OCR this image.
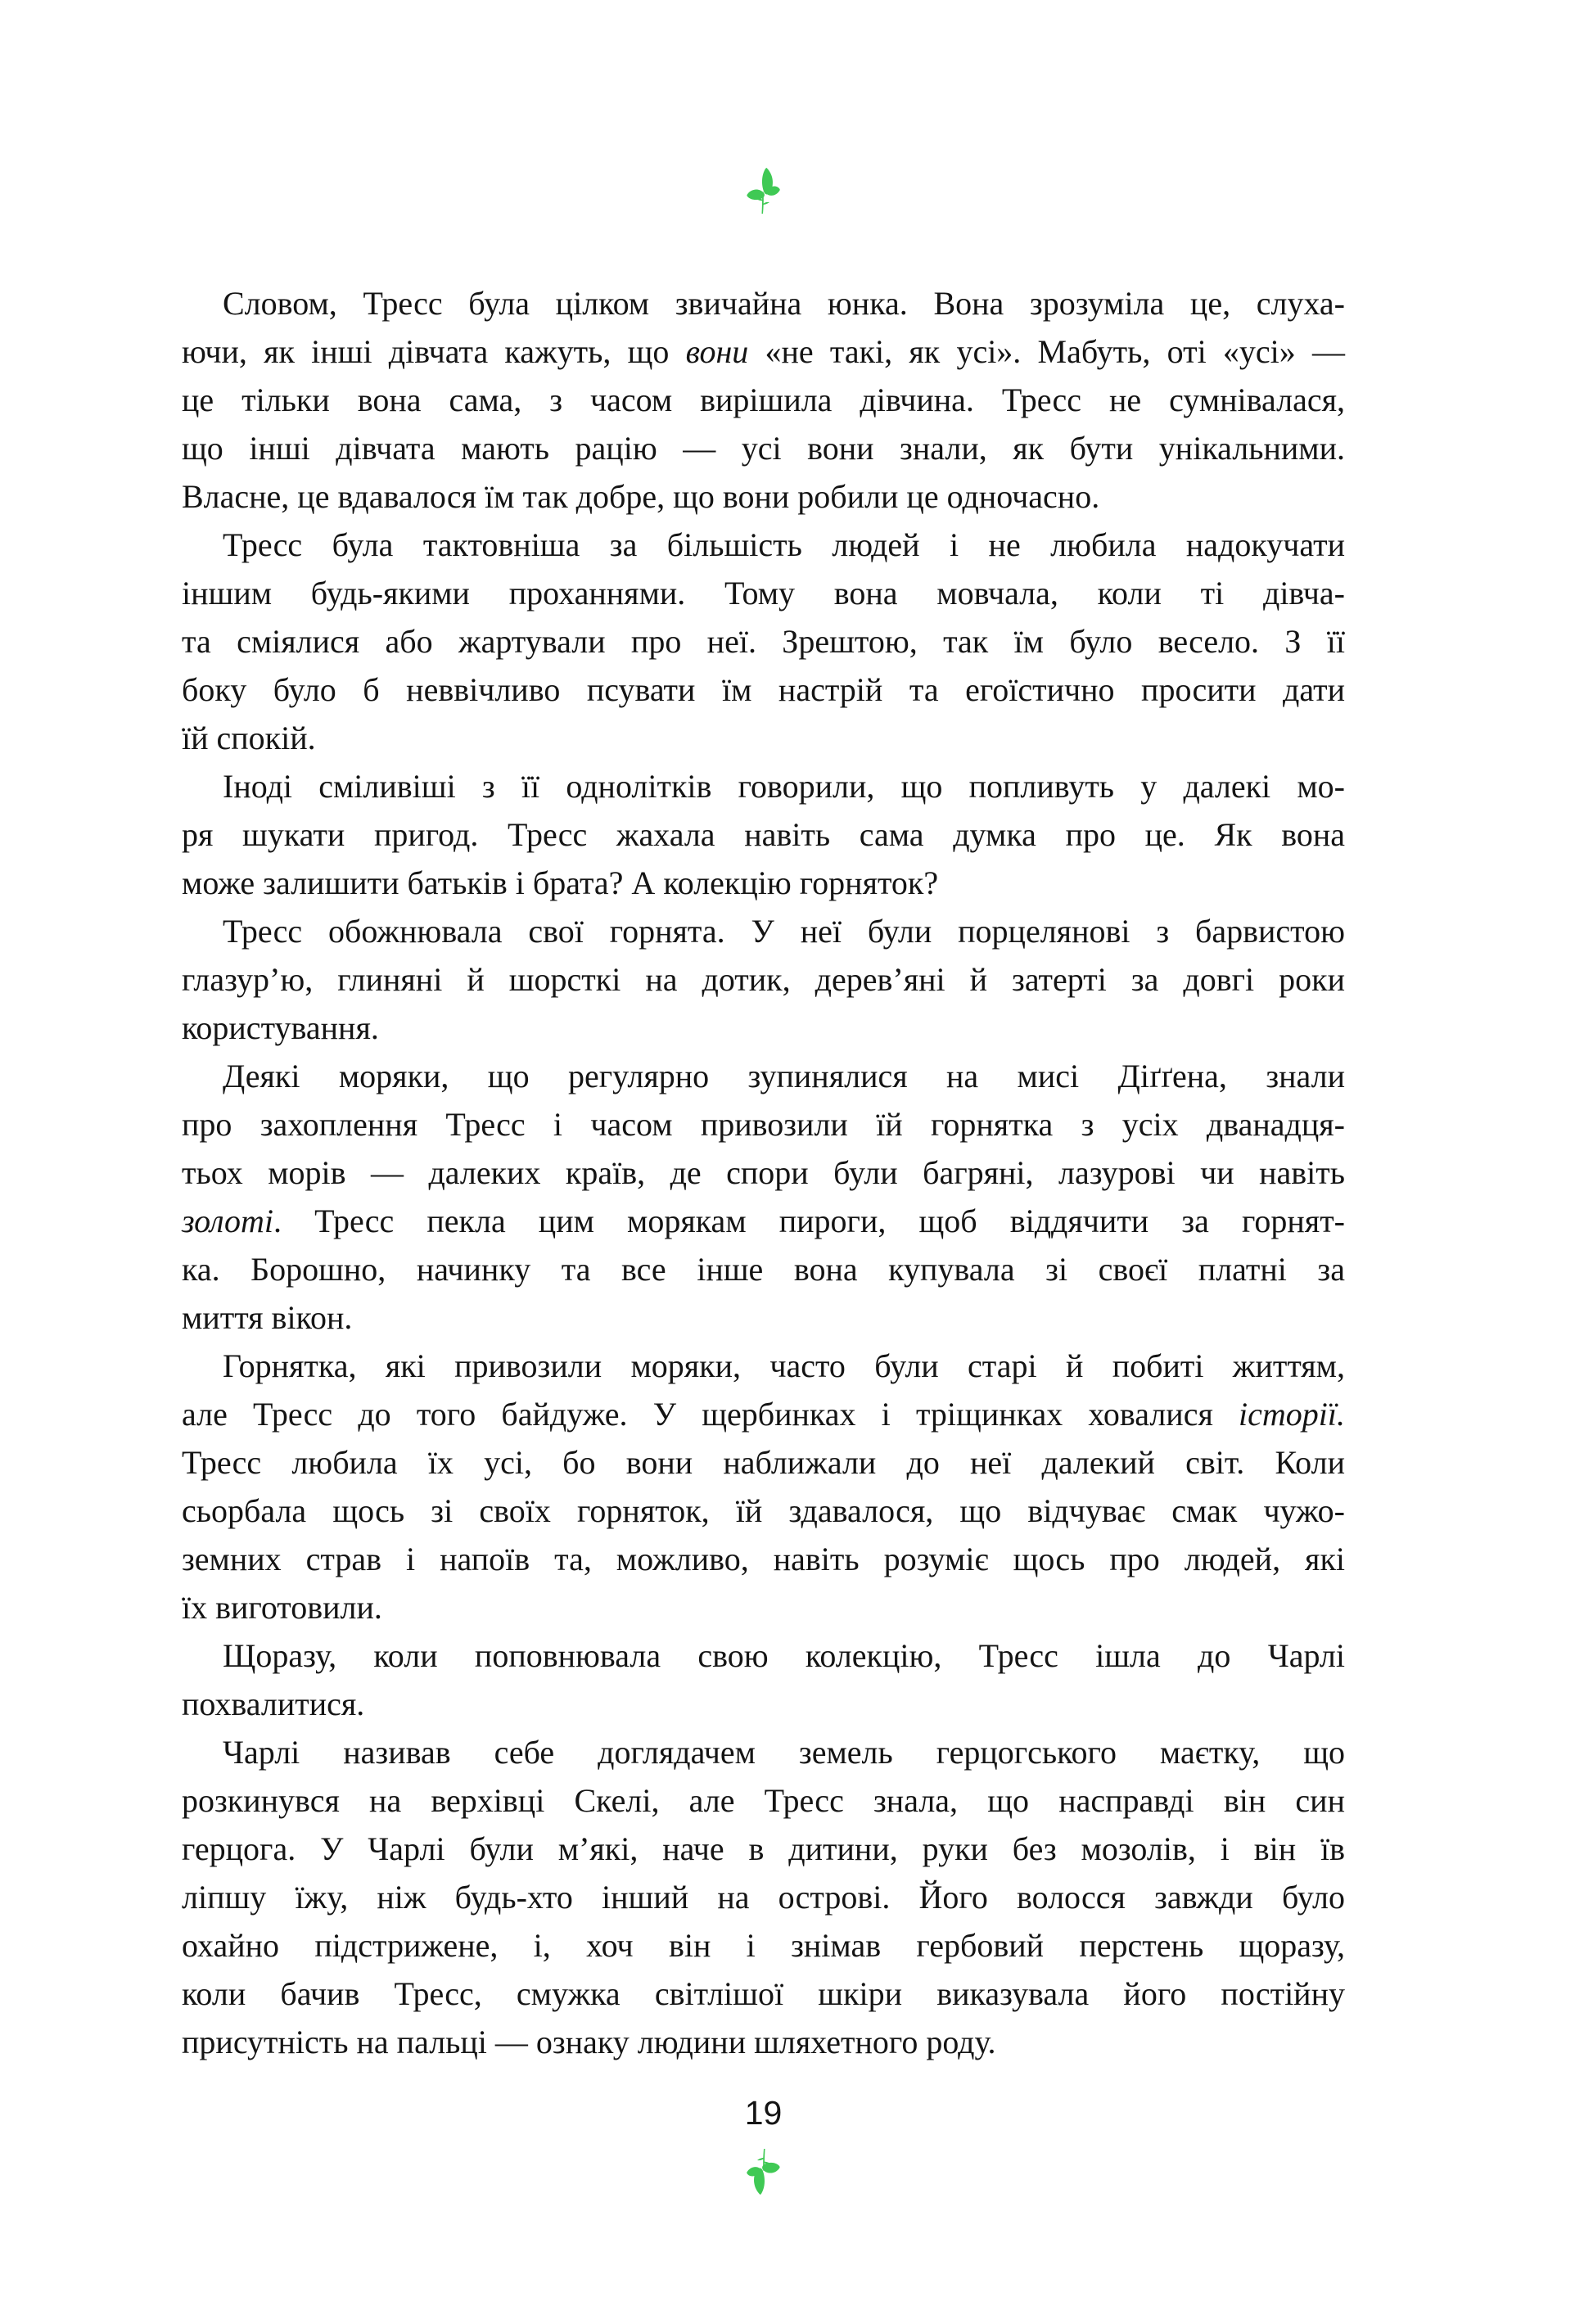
Словом, Тресс була цілком звичайна юнка. Вона зрозуміла це, слуха-
ючи, як інші дівчата кажуть, що вони «не такі, як усі». Мабуть, оті «усі» —
це тільки вона сама, з часом вирішила дівчина. Тресс не сумнівалася,
що інші дівчата мають рацію — усі вони знали, як бути унікальними.
Власне, це вдавалося їм так добре, що вони робили це одночасно.
Тресс була тактовніша за більшість людей і не любила надокучати
іншим будь-якими проханнями. Тому вона мовчала, коли ті дівча-
та сміялися або жартували про неї. Зрештою, так їм було весело. З її
боку було б неввічливо псувати їм настрій та егоїстично просити дати
їй спокій.
Іноді сміливіші з її однолітків говорили, що попливуть у далекі мо-
ря шукати пригод. Тресс жахала навіть сама думка про це. Як вона
може залишити батьків і брата? А колекцію горняток?
Тресс обожнювала свої горнята. У неї були порцелянові з барвистою
глазур’ю, глиняні й шорсткі на дотик, дерев’яні й затерті за довгі роки
користування.
Деякі моряки, що регулярно зупинялися на мисі Діґґена, знали
про захоплення Тресс і часом привозили їй горнятка з усіх дванадця-
тьох морів — далеких країв, де спори були багряні, лазурові чи навіть
золоті. Тресс пекла цим морякам пироги, щоб віддячити за горнят-
ка. Борошно, начинку та все інше вона купувала зі своєї платні за
миття вікон.
Горнятка, які привозили моряки, часто були старі й побиті життям,
але Тресс до того байдуже. У щербинках і тріщинках ховалися історії.
Тресс любила їх усі, бо вони наближали до неї далекий світ. Коли
сьорбала щось зі своїх горняток, їй здавалося, що відчуває смак чужо-
земних страв і напоїв та, можливо, навіть розуміє щось про людей, які
їх виготовили.
Щоразу, коли поповнювала свою колекцію, Тресс ішла до Чарлі
похвалитися.
Чарлі називав себе доглядачем земель герцогського маєтку, що
розкинувся на верхівці Скелі, але Тресс знала, що насправді він син
герцога. У Чарлі були м’які, наче в дитини, руки без мозолів, і він їв
ліпшу їжу, ніж будь-хто інший на острові. Його волосся завжди було
охайно підстрижене, і, хоч він і знімав гербовий перстень щоразу,
коли бачив Тресс, смужка світлішої шкіри виказувала його постійну
присутність на пальці — ознаку людини шляхетного роду.
19
